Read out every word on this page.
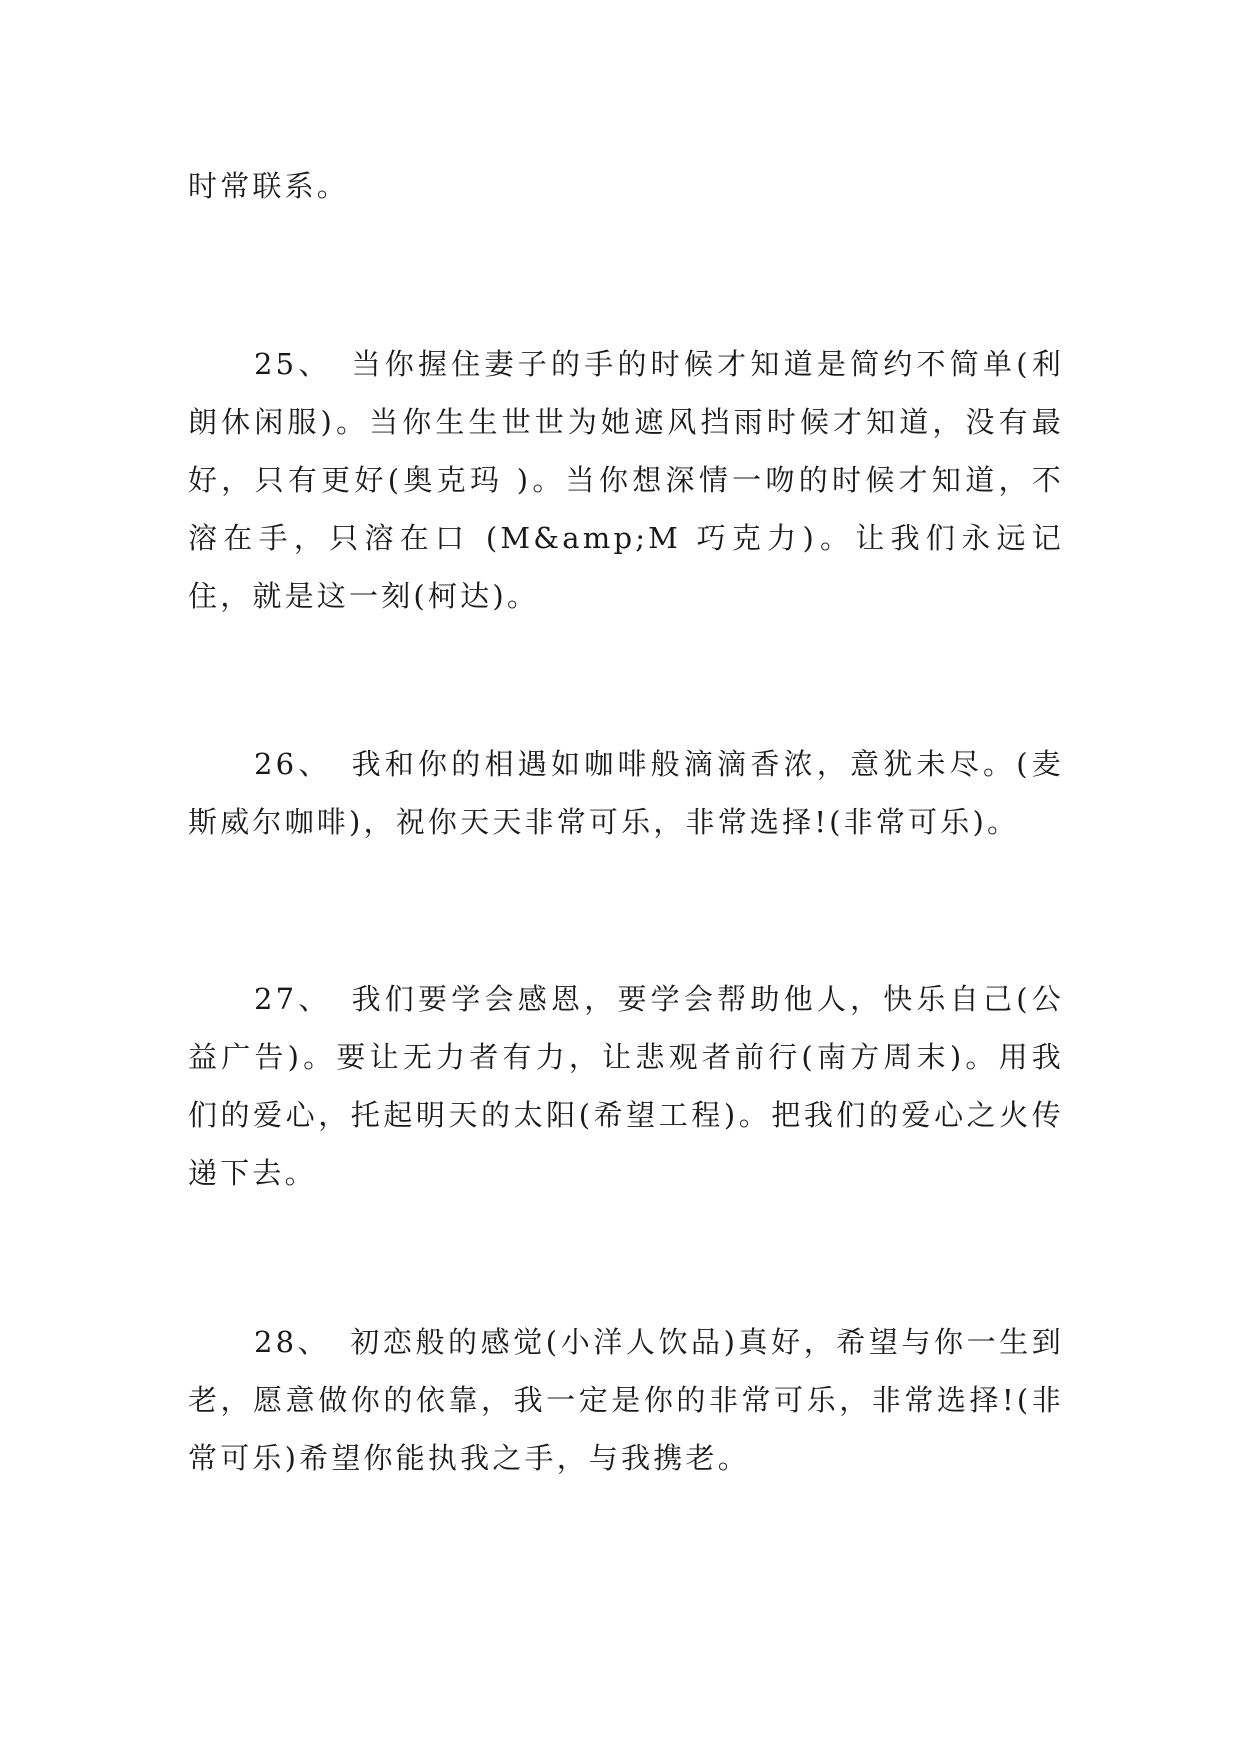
时常联系。

25、 当你握住妻子的手的时候才知道是简约不简单(利朗休闲服)。当你生生世世为她遮风挡雨时候才知道，没有最好，只有更好(奥克玛 )。当你想深情一吻的时候才知道，不溶在手，只溶在口 (M&amp;M 巧克力)。让我们永远记住，就是这一刻(柯达)。

26、 我和你的相遇如咖啡般滴滴香浓，意犹未尽。(麦斯威尔咖啡)，祝你天天非常可乐，非常选择!(非常可乐)。

27、 我们要学会感恩，要学会帮助他人，快乐自己(公益广告)。要让无力者有力，让悲观者前行(南方周末)。用我们的爱心，托起明天的太阳(希望工程)。把我们的爱心之火传递下去。

28、 初恋般的感觉(小洋人饮品)真好，希望与你一生到老，愿意做你的依靠，我一定是你的非常可乐，非常选择!(非常可乐)希望你能执我之手，与我携老。
